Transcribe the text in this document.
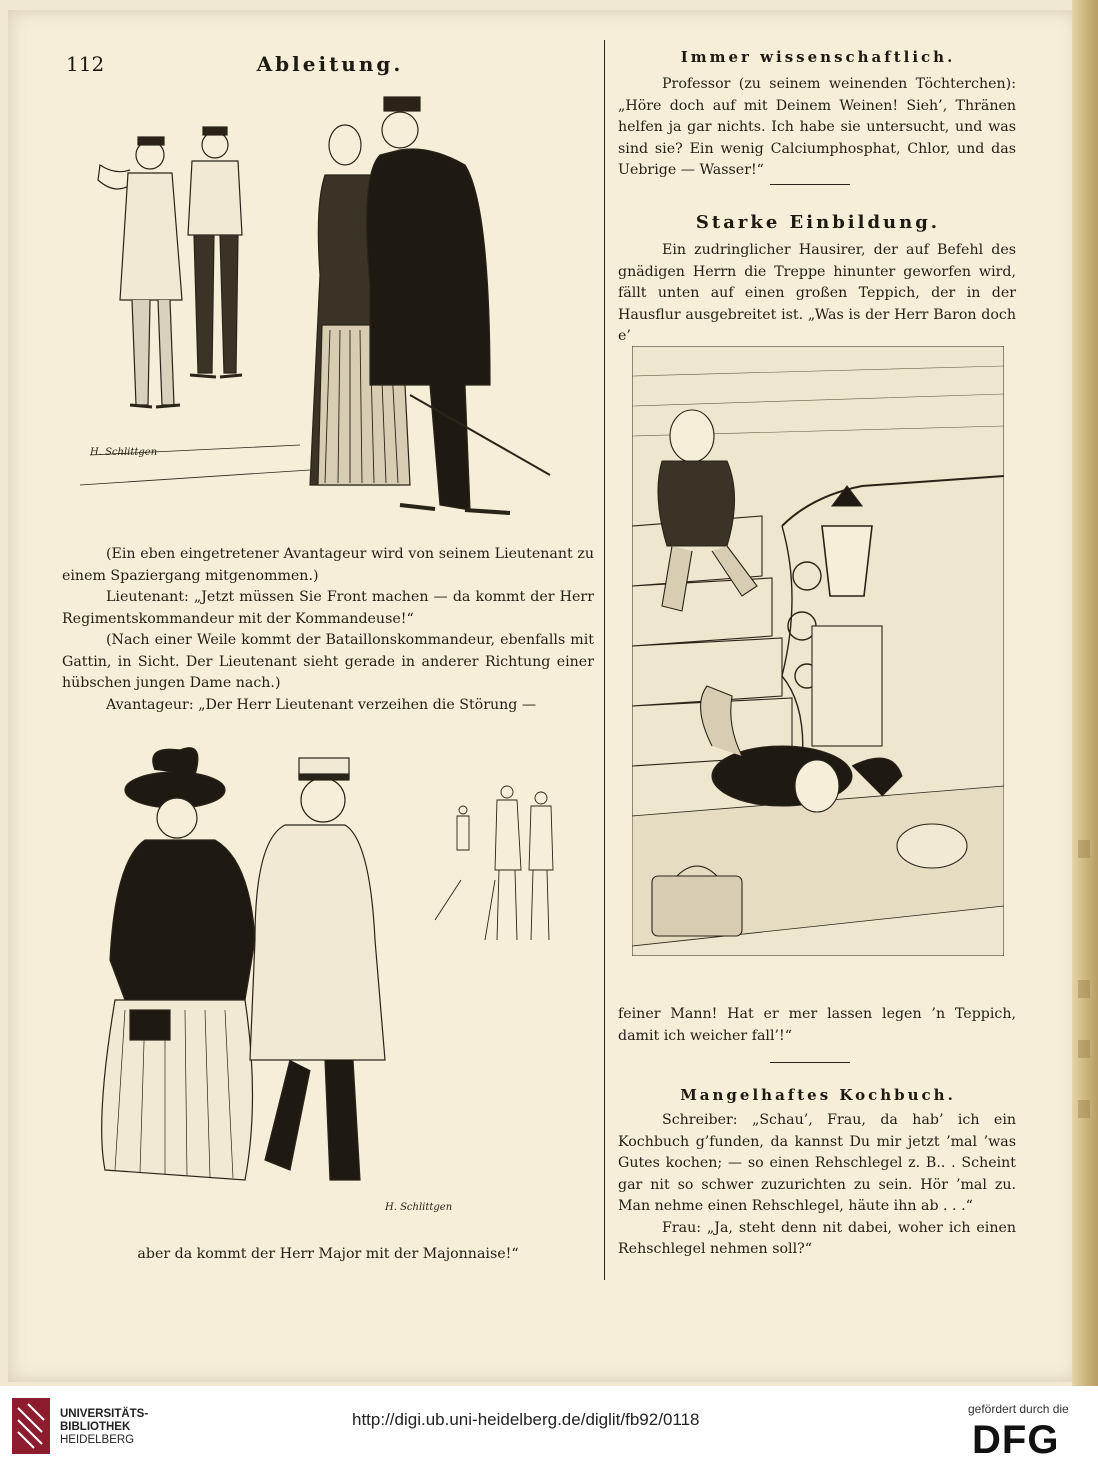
112	Ableitung.
H. Schlittgen

(Ein eben eingetretener Avantageur wird von seinem Lieutenant zu einem Spaziergang mitgenommen.)

Lieutenant: „Jetzt müssen Sie Front machen — da kommt der Herr Regimentskommandeur mit der Kommandeuse!“

(Nach einer Weile kommt der Bataillonskommandeur, ebenfalls mit Gattin, in Sicht. Der Lieutenant sieht gerade in anderer Richtung einer hübschen jungen Dame nach.)

Avantageur: „Der Herr Lieutenant verzeihen die Störung —

H. Schlittgen
aber da kommt der Herr Major mit der Majonnaise!“
Immer wissenschaftlich.
Professor (zu seinem weinenden Töchterchen): „Höre doch auf mit Deinem Weinen! Sieh’, Thränen helfen ja gar nichts. Ich habe sie untersucht, und was sind sie? Ein wenig Calciumphosphat, Chlor, und das Uebrige — Wasser!“
Starke Einbildung.
Ein zudringlicher Hausirer, der auf Befehl des gnädigen Herrn die Treppe hinunter geworfen wird, fällt unten auf einen großen Teppich, der in der Hausflur ausgebreitet ist. „Was is der Herr Baron doch e’
feiner Mann! Hat er mer lassen legen ’n Teppich, damit ich weicher fall’!“
Mangelhaftes Kochbuch.

Schreiber: „Schau’, Frau, da hab’ ich ein Kochbuch g’funden, da kannst Du mir jetzt ’mal ’was Gutes kochen; — so einen Rehschlegel z. B.. . Scheint gar nit so schwer zuzurichten zu sein. Hör ’mal zu. Man nehme einen Rehschlegel, häute ihn ab . . .“

Frau: „Ja, steht denn nit dabei, woher ich einen Rehschlegel nehmen soll?“

UNIVERSITÄTS-
BIBLIOTHEK
HEIDELBERG
http://digi.ub.uni-heidelberg.de/diglit/fb92/0118
gefördert durch die
DFG
